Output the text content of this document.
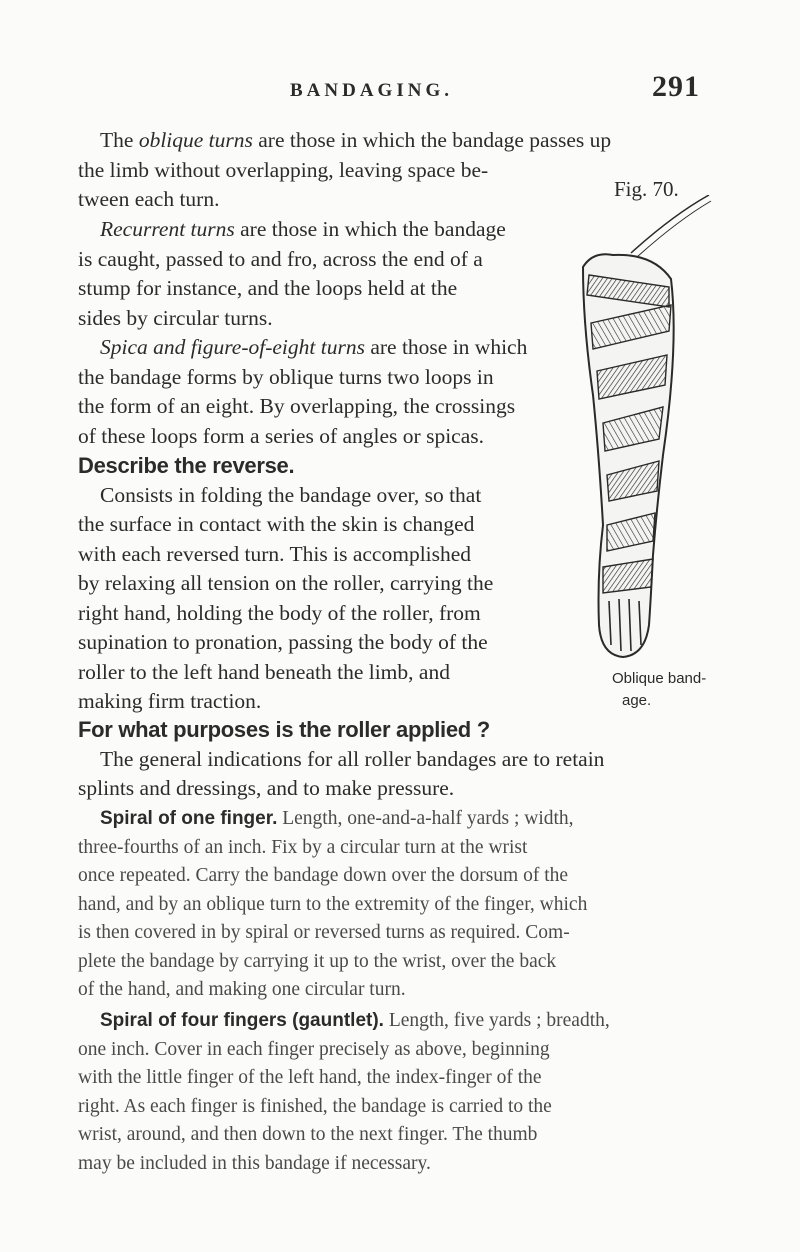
BANDAGING.	291
The oblique turns are those in which the bandage passes up
the limb without overlapping, leaving space be-
tween each turn.	Fig. 70.
Recurrent turns are those in which the bandage
is caught, passed to and fro, across the end of a
stump for instance, and the loops held at the
sides by circular turns.
Spica and figure-of-eight turns are those in which
the bandage forms by oblique turns two loops in
the form of an eight. By overlapping, the crossings
of these loops form a series of angles or spicas.
Describe the reverse.
Consists in folding the bandage over, so that
the surface in contact with the skin is changed
with each reversed turn. This is accomplished
by relaxing all tension on the roller, carrying the
right hand, holding the body of the roller, from
supination to pronation, passing the body of the
roller to the left hand beneath the limb, and
making firm traction.
Oblique band-
age.
For what purposes is the roller applied ?
The general indications for all roller bandages are to retain
splints and dressings, and to make pressure.
Spiral of one finger. Length, one-and-a-half yards ; width,
three-fourths of an inch. Fix by a circular turn at the wrist
once repeated. Carry the bandage down over the dorsum of the
hand, and by an oblique turn to the extremity of the finger, which
is then covered in by spiral or reversed turns as required. Com-
plete the bandage by carrying it up to the wrist, over the back
of the hand, and making one circular turn.
Spiral of four fingers (gauntlet). Length, five yards ; breadth,
one inch. Cover in each finger precisely as above, beginning
with the little finger of the left hand, the index-finger of the
right. As each finger is finished, the bandage is carried to the
wrist, around, and then down to the next finger. The thumb
may be included in this bandage if necessary.
